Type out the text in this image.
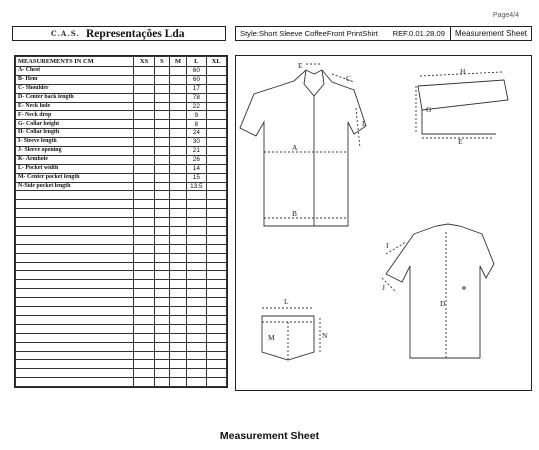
Page4/4
C.A.S. Representações Lda	Style:Short Sleeve CoffeeFront PrintShirt	REF.0.01.28.09	Measurement Sheet
MEASUREMENTS IN CM	XS	S	M	L	XL
A- Chest				60	
B- Hem				60	
C- Shoulder				17	
D- Center back length				78	
E- Neck hole				22	
F- Neck drop				9	
G- Collar height				8	
H- Collar length				24	
I- Sleeve length				30	
J- Sleeve opening				21	
K- Armhole				26	
L- Pocket width				14	
M- Center pocket length				15	
N-Side pocket length				13.5	

E
C
L
A
B
H
G
E
I
J
D
L
M	N
Measurement Sheet
